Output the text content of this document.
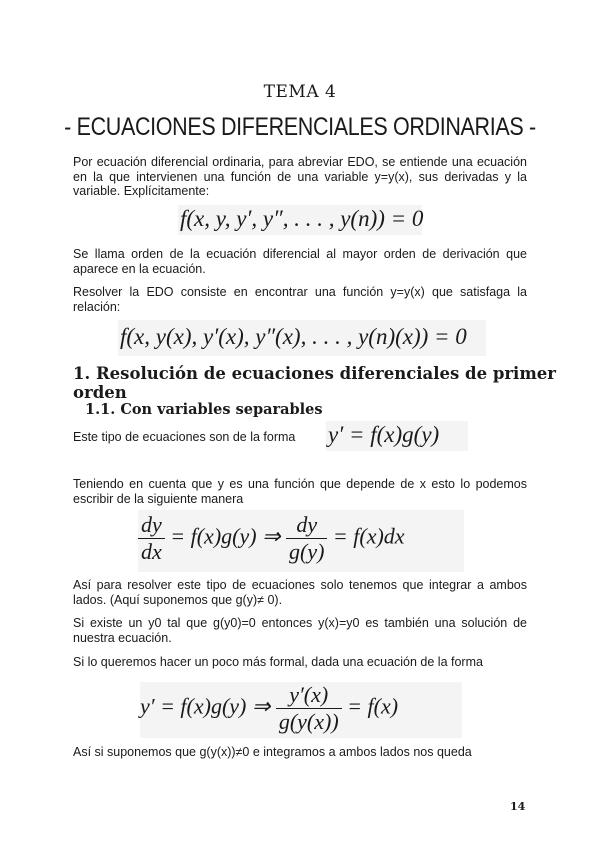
TEMA 4
- ECUACIONES DIFERENCIALES ORDINARIAS -
Por ecuación diferencial ordinaria, para abreviar EDO, se entiende una ecuación en la que intervienen una función de una variable y=y(x), sus derivadas y la variable. Explícitamente:
f(x, y, y′, y″, . . . , y(n)) = 0
Se llama orden de la ecuación diferencial al mayor orden de derivación que aparece en la ecuación.
Resolver la EDO consiste en encontrar una función y=y(x) que satisfaga la relación:
f(x, y(x), y′(x), y″(x), . . . , y(n)(x)) = 0
1. Resolución de ecuaciones diferenciales de primer orden
1.1. Con variables separables
Este tipo de ecuaciones son de la forma	y′ = f(x)g(y)
Teniendo en cuenta que y es una función que depende de x esto lo podemos escribir de la siguiente manera
$\frac{dy}{dx} = f(x)g(y)$ ⇒ $\frac{dy}{g(y)} = f(x)dx$
Así para resolver este tipo de ecuaciones solo tenemos que integrar a ambos lados. (Aquí suponemos que g(y)≠ 0).
Si existe un y0 tal que g(y0)=0 entonces y(x)=y0 es también una solución de nuestra ecuación.
Si lo queremos hacer un poco más formal, dada una ecuación de la forma
y′ = f(x)g(y) ⇒ $\frac{y'(x)}{g(y(x))} = f(x)$
Así si suponemos que g(y(x))≠0 e integramos a ambos lados nos queda
14
